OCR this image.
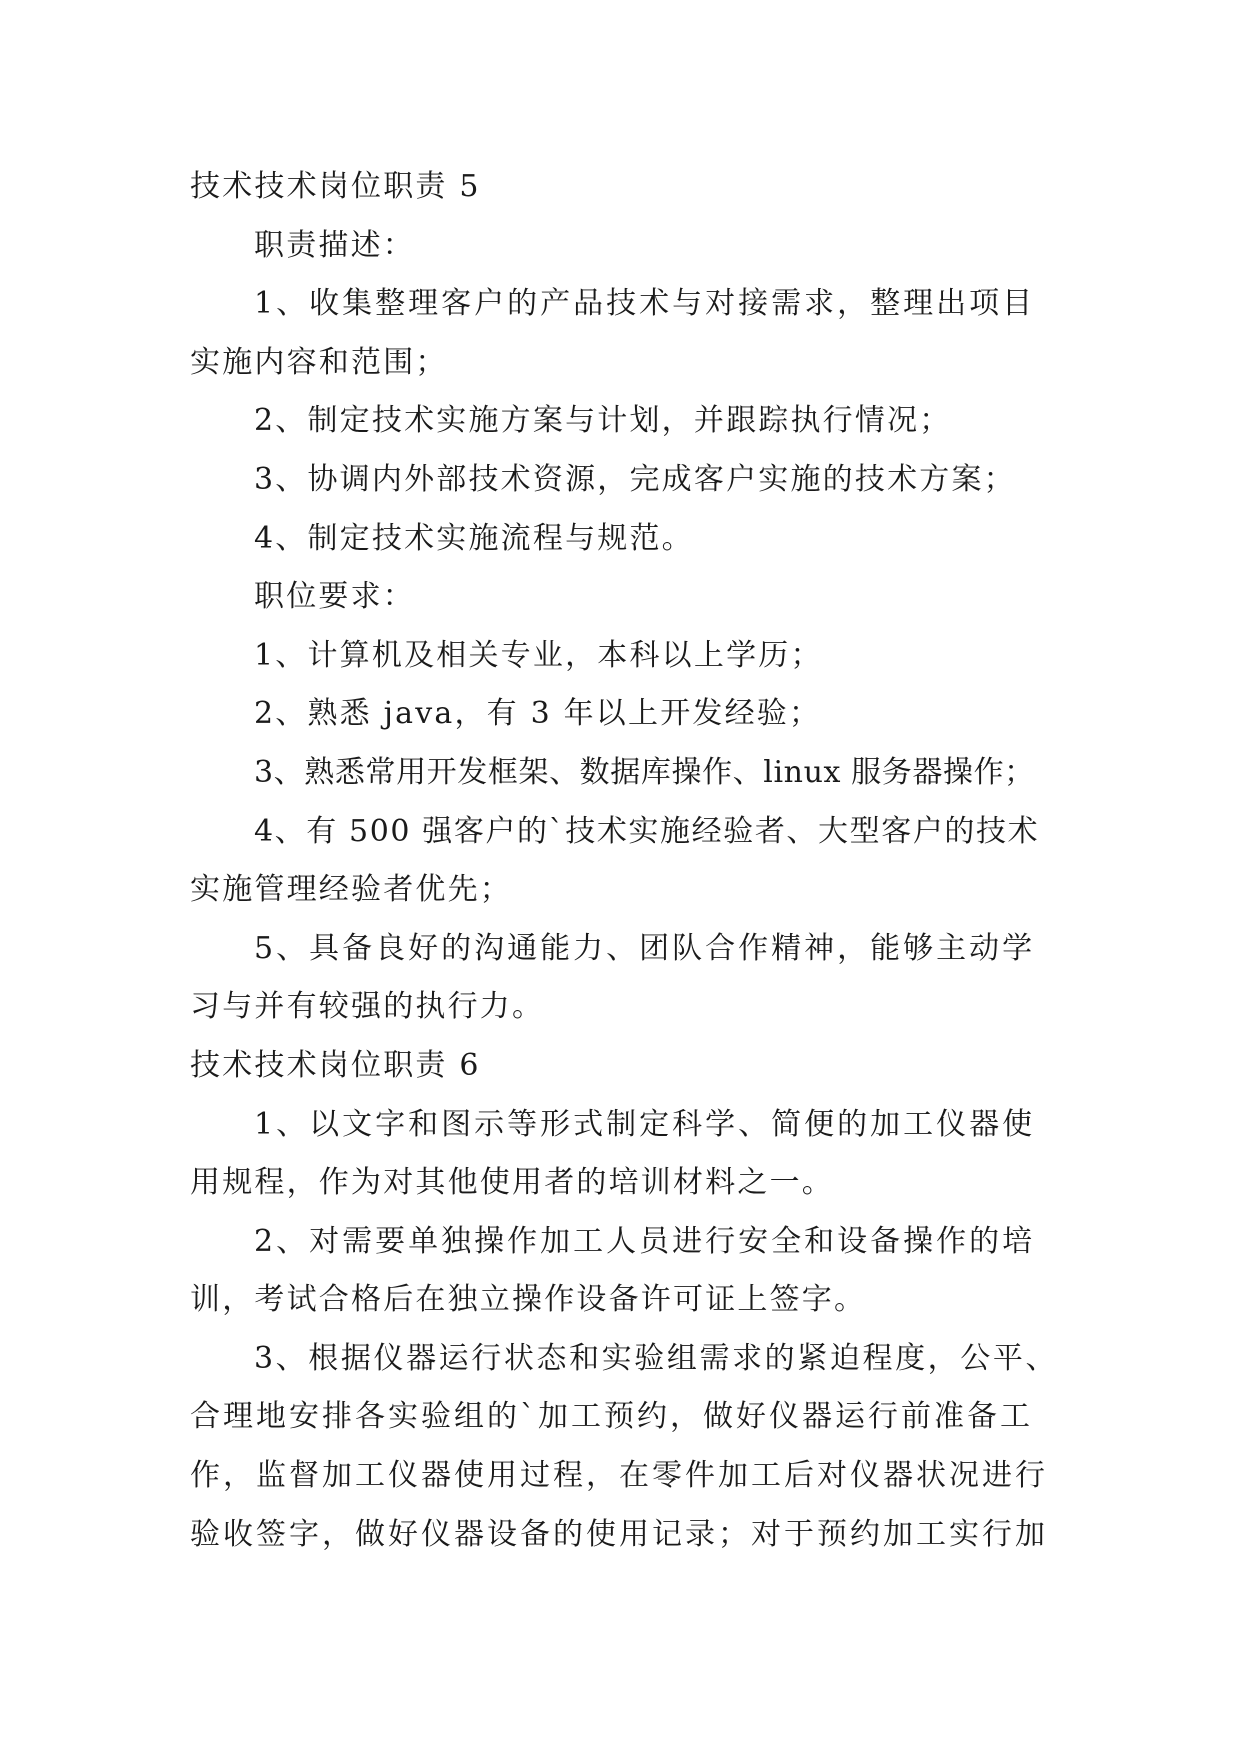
技术技术岗位职责 5
职责描述：
1、收集整理客户的产品技术与对接需求，整理出项目
实施内容和范围；
2、制定技术实施方案与计划，并跟踪执行情况；
3、协调内外部技术资源，完成客户实施的技术方案；
4、制定技术实施流程与规范。
职位要求：
1、计算机及相关专业，本科以上学历；
2、熟悉 java，有 3 年以上开发经验；
3、熟悉常用开发框架、数据库操作、linux 服务器操作；
4、有 500 强客户的`技术实施经验者、大型客户的技术
实施管理经验者优先；
5、具备良好的沟通能力、团队合作精神，能够主动学
习与并有较强的执行力。
技术技术岗位职责 6
1、以文字和图示等形式制定科学、简便的加工仪器使
用规程，作为对其他使用者的培训材料之一。
2、对需要单独操作加工人员进行安全和设备操作的培
训，考试合格后在独立操作设备许可证上签字。
3、根据仪器运行状态和实验组需求的紧迫程度，公平、
合理地安排各实验组的`加工预约，做好仪器运行前准备工
作，监督加工仪器使用过程，在零件加工后对仪器状况进行
验收签字，做好仪器设备的使用记录；对于预约加工实行加
